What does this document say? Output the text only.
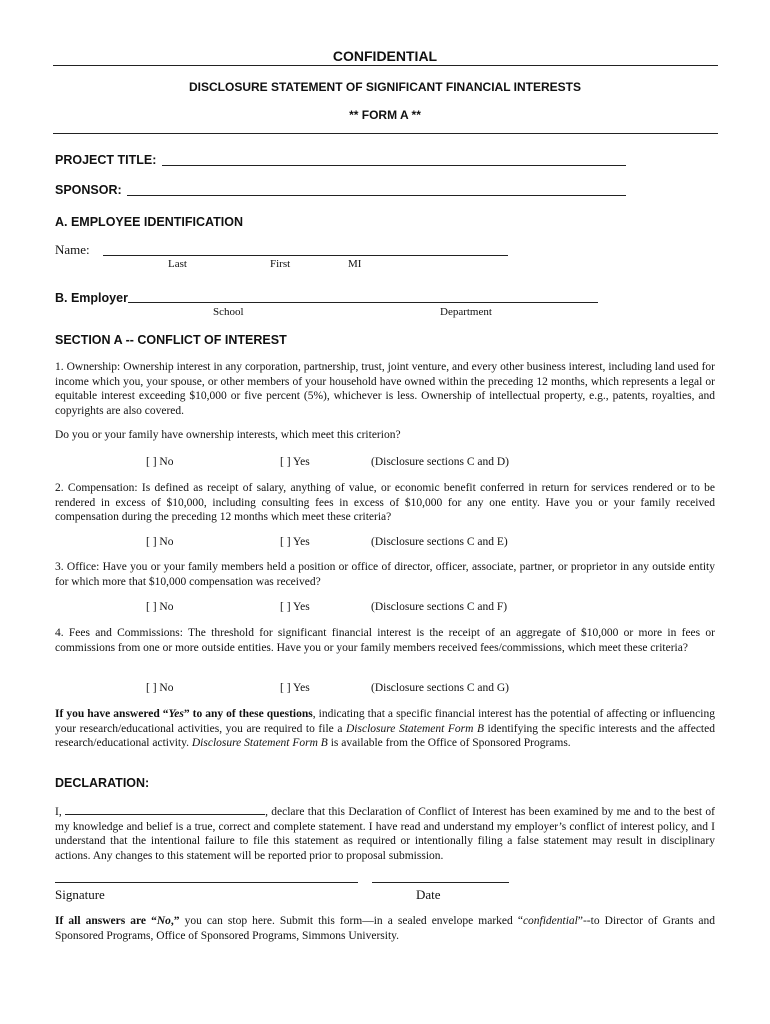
CONFIDENTIAL
DISCLOSURE STATEMENT OF SIGNIFICANT FINANCIAL INTERESTS
** FORM A **
PROJECT TITLE:
SPONSOR:
A. EMPLOYEE IDENTIFICATION
Name:
Last	First	MI
B. Employer
School	Department
SECTION A -- CONFLICT OF INTEREST
1. Ownership: Ownership interest in any corporation, partnership, trust, joint venture, and every other business interest, including land used for income which you, your spouse, or other members of your household have owned within the preceding 12 months, which represents a legal or equitable interest exceeding $10,000 or five percent (5%), whichever is less. Ownership of intellectual property, e.g., patents, royalties, and copyrights are also covered.
Do you or your family have ownership interests, which meet this criterion?
[ ] No	[ ] Yes	(Disclosure sections C and D)
2. Compensation: Is defined as receipt of salary, anything of value, or economic benefit conferred in return for services rendered or to be rendered in excess of $10,000, including consulting fees in excess of $10,000 for any one entity. Have you or your family received compensation during the preceding 12 months which meet these criteria?
[ ] No	[ ] Yes	(Disclosure sections C and E)
3. Office: Have you or your family members held a position or office of director, officer, associate, partner, or proprietor in any outside entity for which more that $10,000 compensation was received?
[ ] No	[ ] Yes	(Disclosure sections C and F)
4. Fees and Commissions: The threshold for significant financial interest is the receipt of an aggregate of $10,000 or more in fees or commissions from one or more outside entities. Have you or your family members received fees/commissions, which meet these criteria?
[ ] No	[ ] Yes	(Disclosure sections C and G)
If you have answered “Yes” to any of these questions, indicating that a specific financial interest has the potential of affecting or influencing your research/educational activities, you are required to file a Disclosure Statement Form B identifying the specific interests and the affected research/educational activity. Disclosure Statement Form B is available from the Office of Sponsored Programs.
DECLARATION:
I,	, declare that this Declaration of Conflict of Interest has been examined by me and to the best of my knowledge and belief is a true, correct and complete statement. I have read and understand my employer’s conflict of interest policy, and I understand that the intentional failure to file this statement as required or intentionally filing a false statement may result in disciplinary actions. Any changes to this statement will be reported prior to proposal submission.
Signature	Date
If all answers are “No,” you can stop here. Submit this form—in a sealed envelope marked “confidential”--to Director of Grants and Sponsored Programs, Office of Sponsored Programs, Simmons University.
